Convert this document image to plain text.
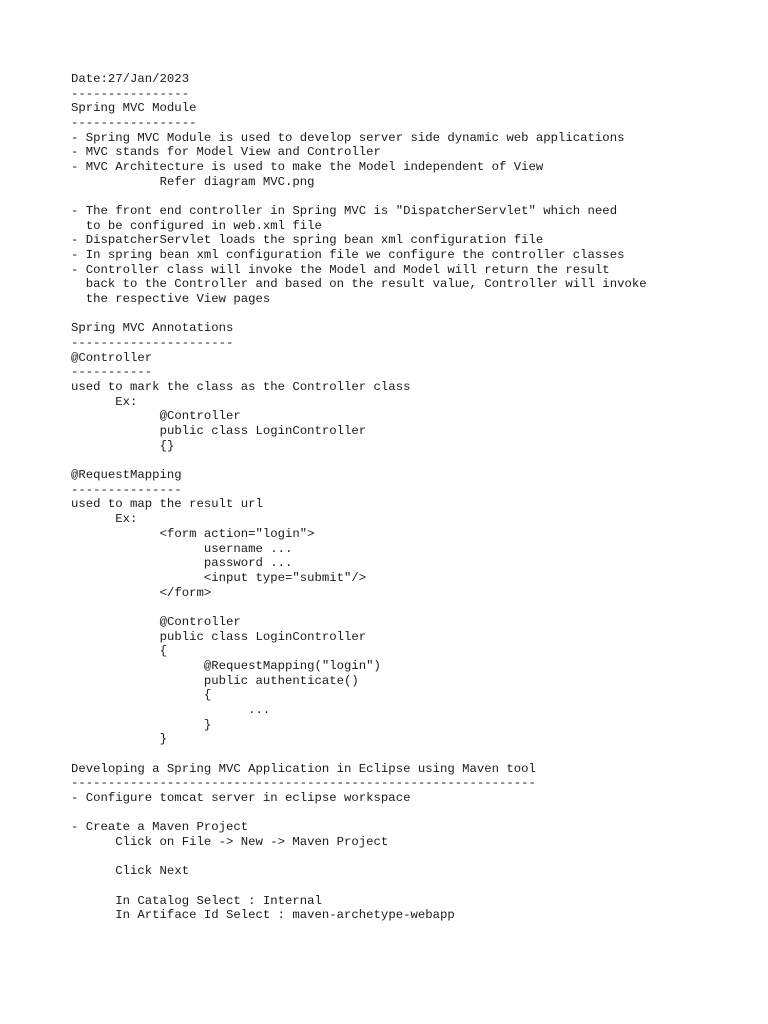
Date:27/Jan/2023
----------------
Spring MVC Module
-----------------
- Spring MVC Module is used to develop server side dynamic web applications
- MVC stands for Model View and Controller
- MVC Architecture is used to make the Model independent of View
		Refer diagram MVC.png
- The front end controller in Spring MVC is "DispatcherServlet" which need
to be configured in web.xml file
- DispatcherServlet loads the spring bean xml configuration file
- In spring bean xml configuration file we configure the controller classes
- Controller class will invoke the Model and Model will return the result
back to the Controller and based on the result value, Controller will invoke
the respective View pages
Spring MVC Annotations
----------------------
@Controller
-----------
used to mark the class as the Controller class
	Ex:
		@Controller
		public class LoginController
		{}
@RequestMapping
---------------
used to map the result url
	Ex:
		<form action="login">
			username ...
			password ...
			<input type="submit"/>
		</form>
		@Controller
		public class LoginController
		{
			@RequestMapping("login")
			public authenticate()
			{
				...
			}
		}
Developing a Spring MVC Application in Eclipse using Maven tool
---------------------------------------------------------------
- Configure tomcat server in eclipse workspace
- Create a Maven Project
	Click on File -> New -> Maven Project
	Click Next
	In Catalog Select : Internal
	In Artiface Id Select : maven-archetype-webapp
